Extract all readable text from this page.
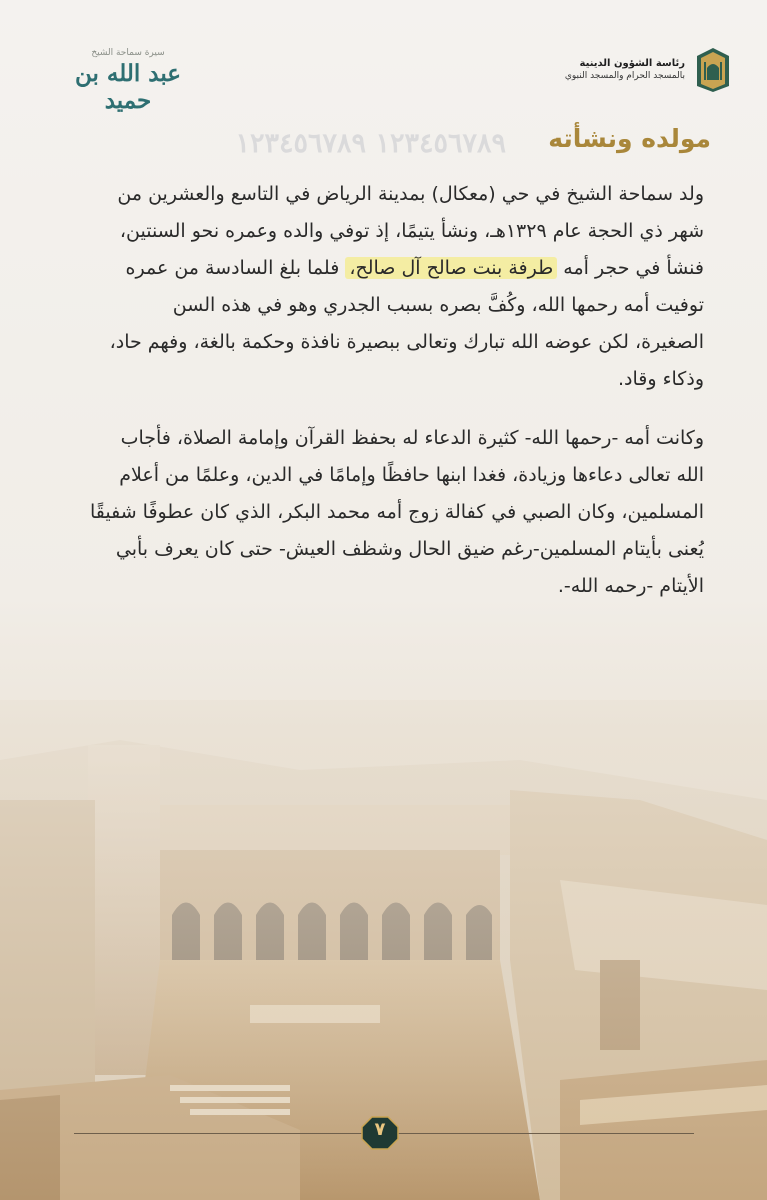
سيرة سماحة الشيخ
عبد الله بن حميد
رئاسة الشؤون الدينية
بالمسجد الحرام والمسجد النبوي
١٢٣٤٥٦٧٨٩ ١٢٣٤٥٦٧٨٩ مولده ونشأته
ولد سماحة الشيخ في حي (معكال) بمدينة الرياض في التاسع والعشرين من
شهر ذي الحجة عام ١٣٢٩هـ، ونشأ يتيمًا، إذ توفي والده وعمره نحو السنتين،
فنشأ في حجر أمه طرفة بنت صالح آل صالح، فلما بلغ السادسة من عمره
توفيت أمه رحمها الله، وكُفَّ بصره بسبب الجدري وهو في هذه السن
الصغيرة، لكن عوضه الله تبارك وتعالى ببصيرة نافذة وحكمة بالغة، وفهم حاد،
وذكاء وقاد.
وكانت أمه -رحمها الله- كثيرة الدعاء له بحفظ القرآن وإمامة الصلاة، فأجاب
الله تعالى دعاءها وزيادة، فغدا ابنها حافظًا وإمامًا في الدين، وعلمًا من أعلام
المسلمين، وكان الصبي في كفالة زوج أمه محمد البكر، الذي كان عطوفًا شفيقًا
يُعنى بأيتام المسلمين-رغم ضيق الحال وشظف العيش- حتى كان يعرف بأبي
الأيتام -رحمه الله-.
٧
